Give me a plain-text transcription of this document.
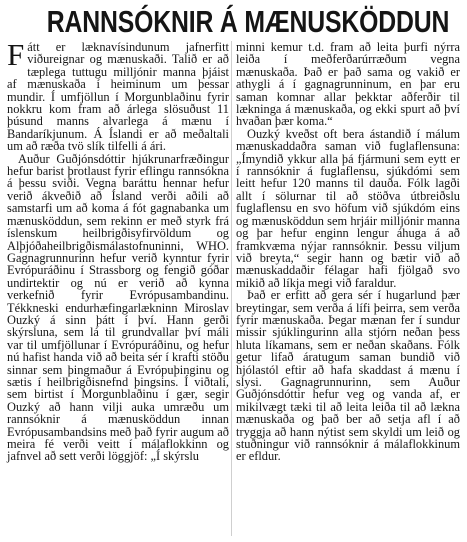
RANNSÓKNIR Á MÆNUSKÖDDUN

Fátt er læknavísindunum jafnerfitt viðureignar og mænuskaði. Talið er að tæplega tuttugu milljónir manna þjáist af mænuskaða í heiminum um þessar mundir. Í umfjöllun í Morgunblaðinu fyrir nokkru kom fram að árlega slösuðust 11 þúsund manns alvarlega á mænu í Bandaríkjunum. Á Íslandi er að meðaltali um að ræða tvö slík tilfelli á ári.

Auður Guðjónsdóttir hjúkrunarfræðingur hefur barist þrotlaust fyrir eflingu rannsókna á þessu sviði. Vegna baráttu hennar hefur verið ákveðið að Ísland verði aðili að samstarfi um að koma á fót gagnabanka um mænusköddun, sem rekinn er með styrk frá íslenskum heilbrigðisyfirvöldum og Alþjóðaheilbrigðismálastofnuninni, WHO. Gagnagrunnurinn hefur verið kynntur fyrir Evrópuráðinu í Strassborg og fengið góðar undirtektir og nú er verið að kynna verkefnið fyrir Evrópusambandinu. Tékkneski endurhæfingarlækninn Miroslav Ouzký á sinn þátt í því. Hann gerði skýrsluna, sem lá til grundvallar því máli var til umfjöllunar í Evrópuráðinu, og hefur nú hafist handa við að beita sér í krafti stöðu sinnar sem þingmaður á Evrópuþinginu og sætis í heilbrigðisnefnd þingsins. Í viðtali, sem birtist í Morgunblaðinu í gær, segir Ouzký að hann vilji auka umræðu um rannsóknir á mænusköddun innan Evrópusambandsins með það fyrir augum að meira fé verði veitt í málaflokkinn og jafnvel að sett verði löggjöf: „Í skýrslu

minni kemur t.d. fram að leita þurfi nýrra leiða í meðferðarúrræðum vegna mænuskaða. Það er það sama og vakið er athygli á í gagnagrunninum, en þar eru saman komnar allar þekktar aðferðir til lækninga á mænuskaða, og ekki spurt að því hvaðan þær koma.“

Ouzký kveðst oft bera ástandið í málum mænuskaddaðra saman við fuglaflensuna: „Ímyndið ykkur alla þá fjármuni sem eytt er í rannsóknir á fuglaflensu, sjúkdómi sem leitt hefur 120 manns til dauða. Fólk lagði allt í sölurnar til að stöðva útbreiðslu fuglaflensu en svo höfum við sjúkdóm eins og mænusköddun sem hrjáir milljónir manna og þar hefur enginn lengur áhuga á að framkvæma nýjar rannsóknir. Þessu viljum við breyta,“ segir hann og bætir við að mænuskaddaðir félagar hafi fjölgað svo mikið að líkja megi við faraldur.

Það er erfitt að gera sér í hugarlund þær breytingar, sem verða á lífi þeirra, sem verða fyrir mænuskaða. Þegar mænan fer í sundur missir sjúklingurinn alla stjórn neðan þess hluta líkamans, sem er neðan skaðans. Fólk getur lifað áratugum saman bundið við hjólastól eftir að hafa skaddast á mænu í slysi. Gagnagrunnurinn, sem Auður Guðjónsdóttir hefur veg og vanda af, er mikilvægt tæki til að leita leiða til að lækna mænuskaða og það ber að setja afl í að tryggja að hann nýtist sem skyldi um leið og stuðningur við rannsóknir á málaflokkinum er efldur.
